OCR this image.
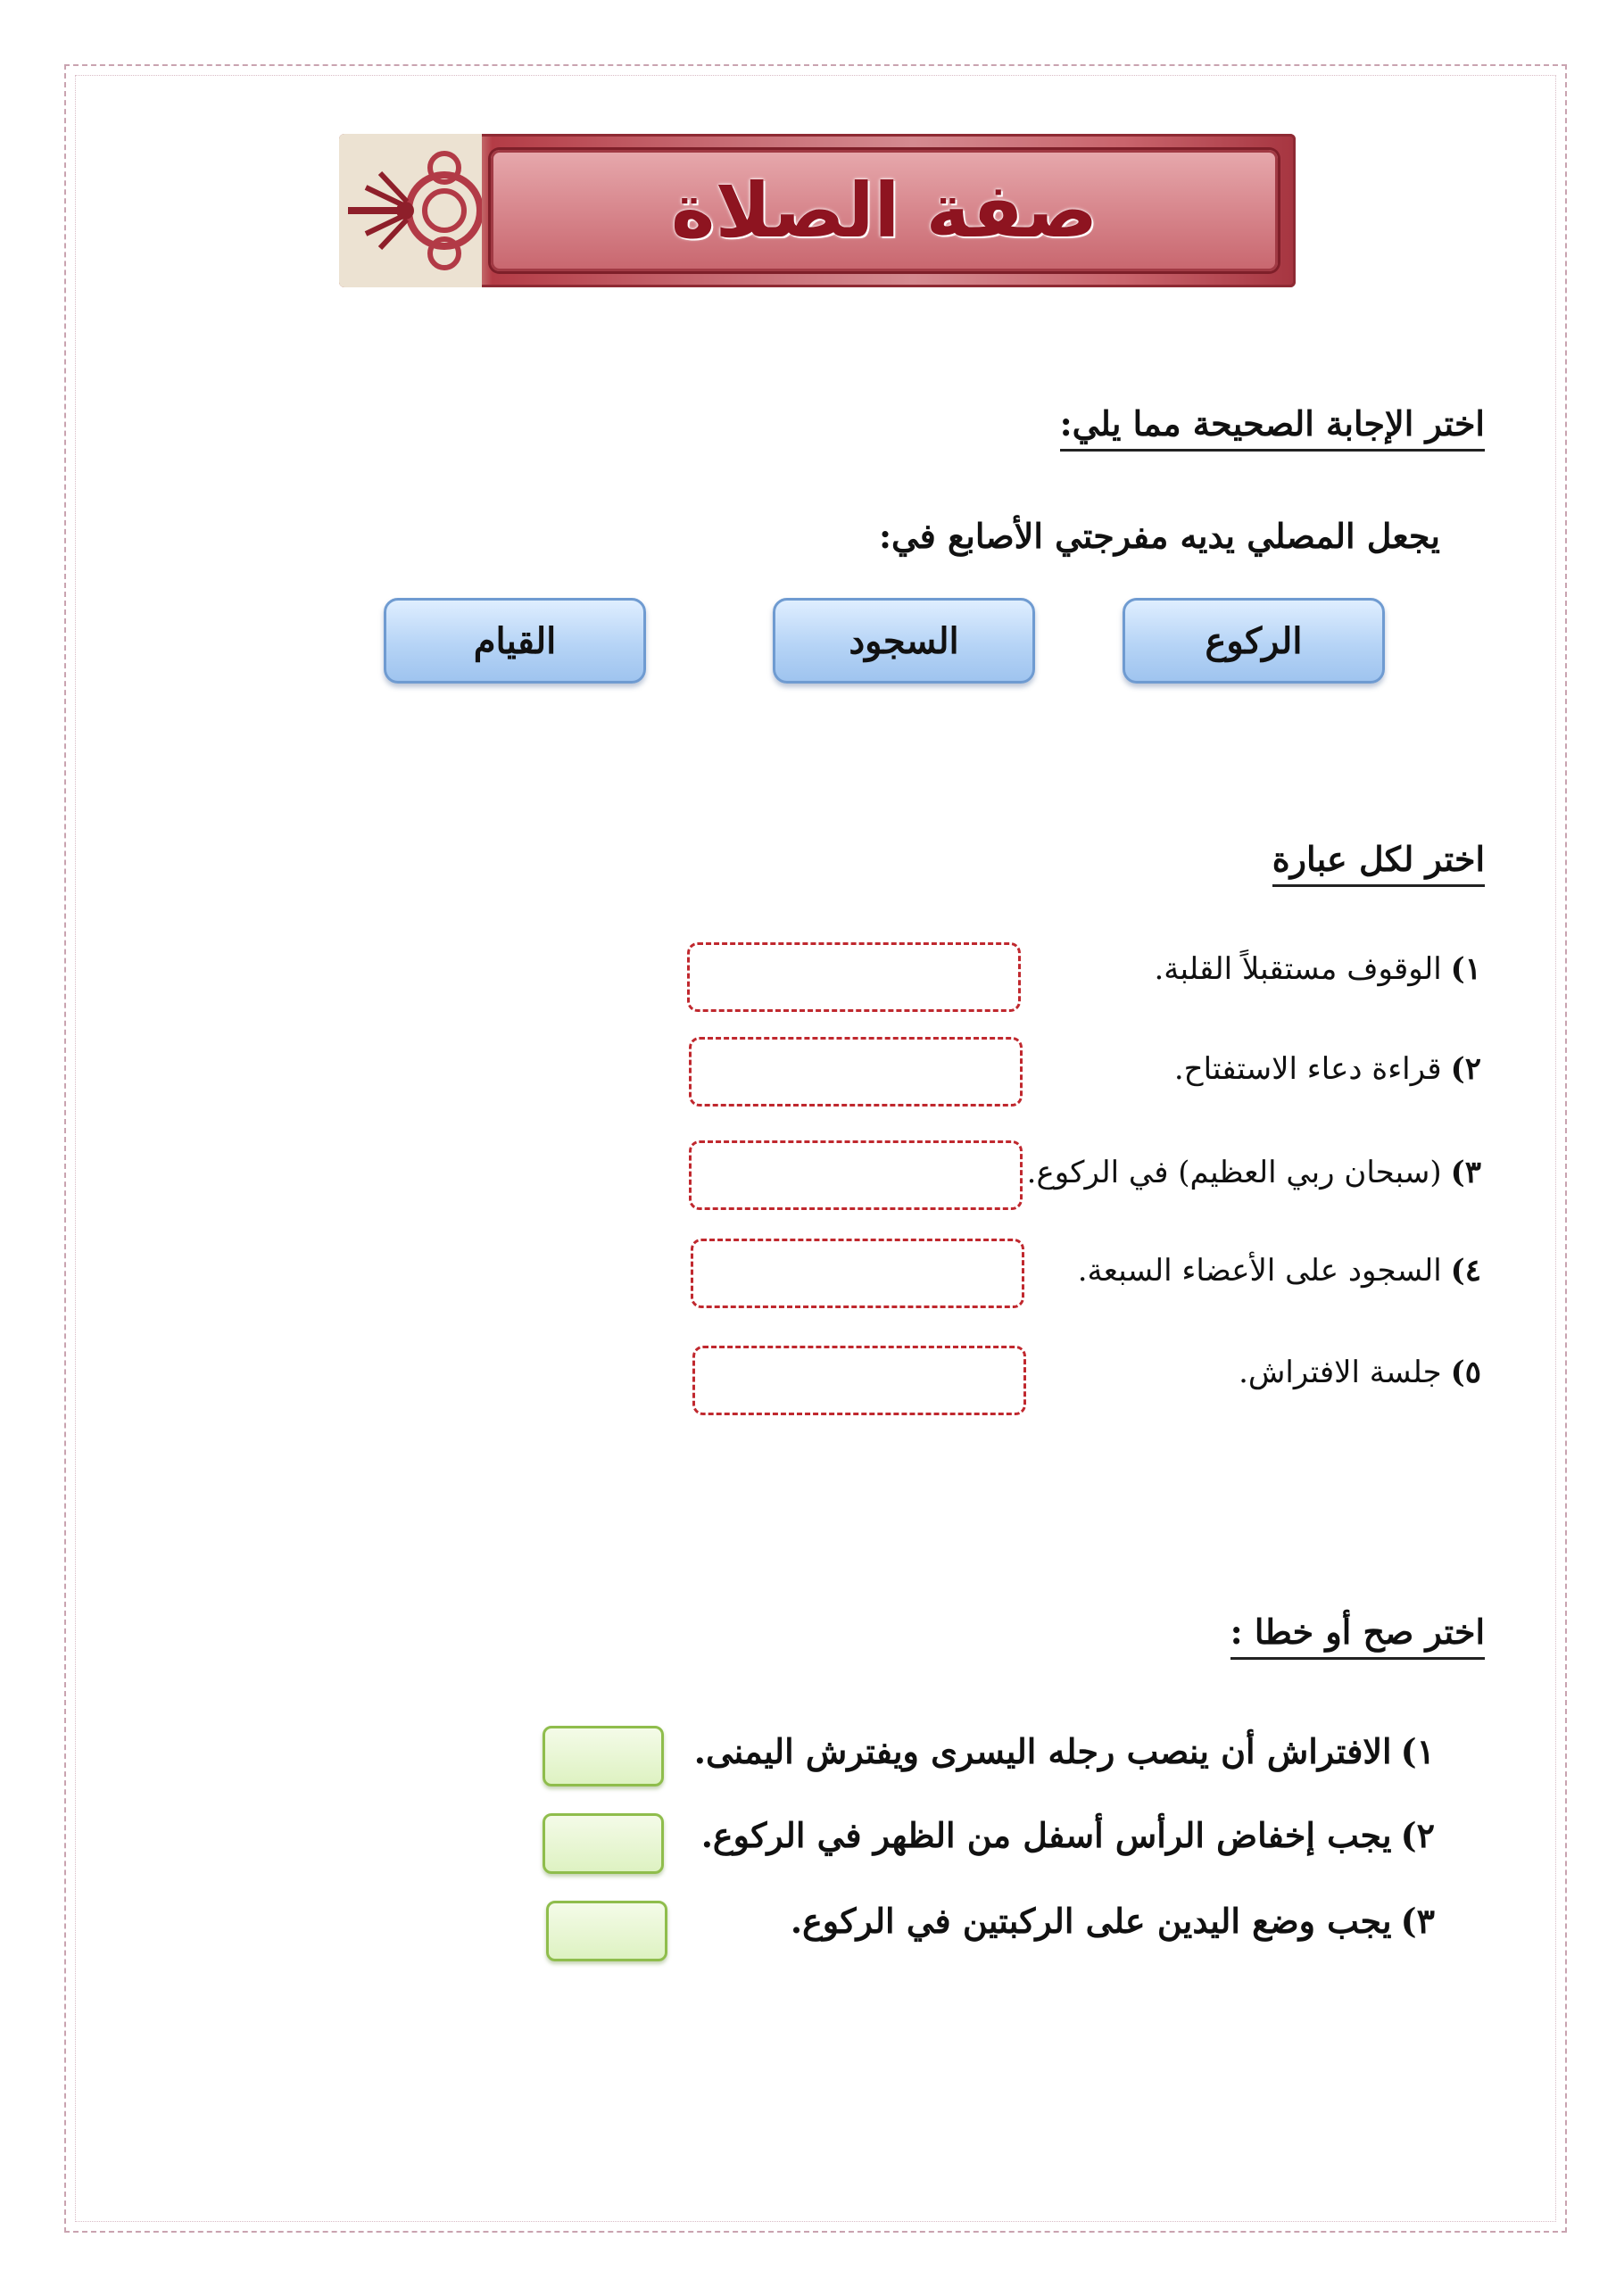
صفة الصلاة
اختر الإجابة الصحيحة مما يلي:
يجعل المصلي يديه مفرجتي الأصابع في:
الركوع
السجود
القيام
اختر لكل عبارة
١)الوقوف مستقبلاً القلبة.
٢)قراءة دعاء الاستفتاح.
٣)(سبحان ربي العظيم) في الركوع.
٤)السجود على الأعضاء السبعة.
٥)جلسة الافتراش.
اختر صح أو خطا :
١)الافتراش أن ينصب رجله اليسرى ويفترش اليمنى.
٢)يجب إخفاض الرأس أسفل من الظهر في الركوع.
٣)يجب وضع اليدين على الركبتين في الركوع.
